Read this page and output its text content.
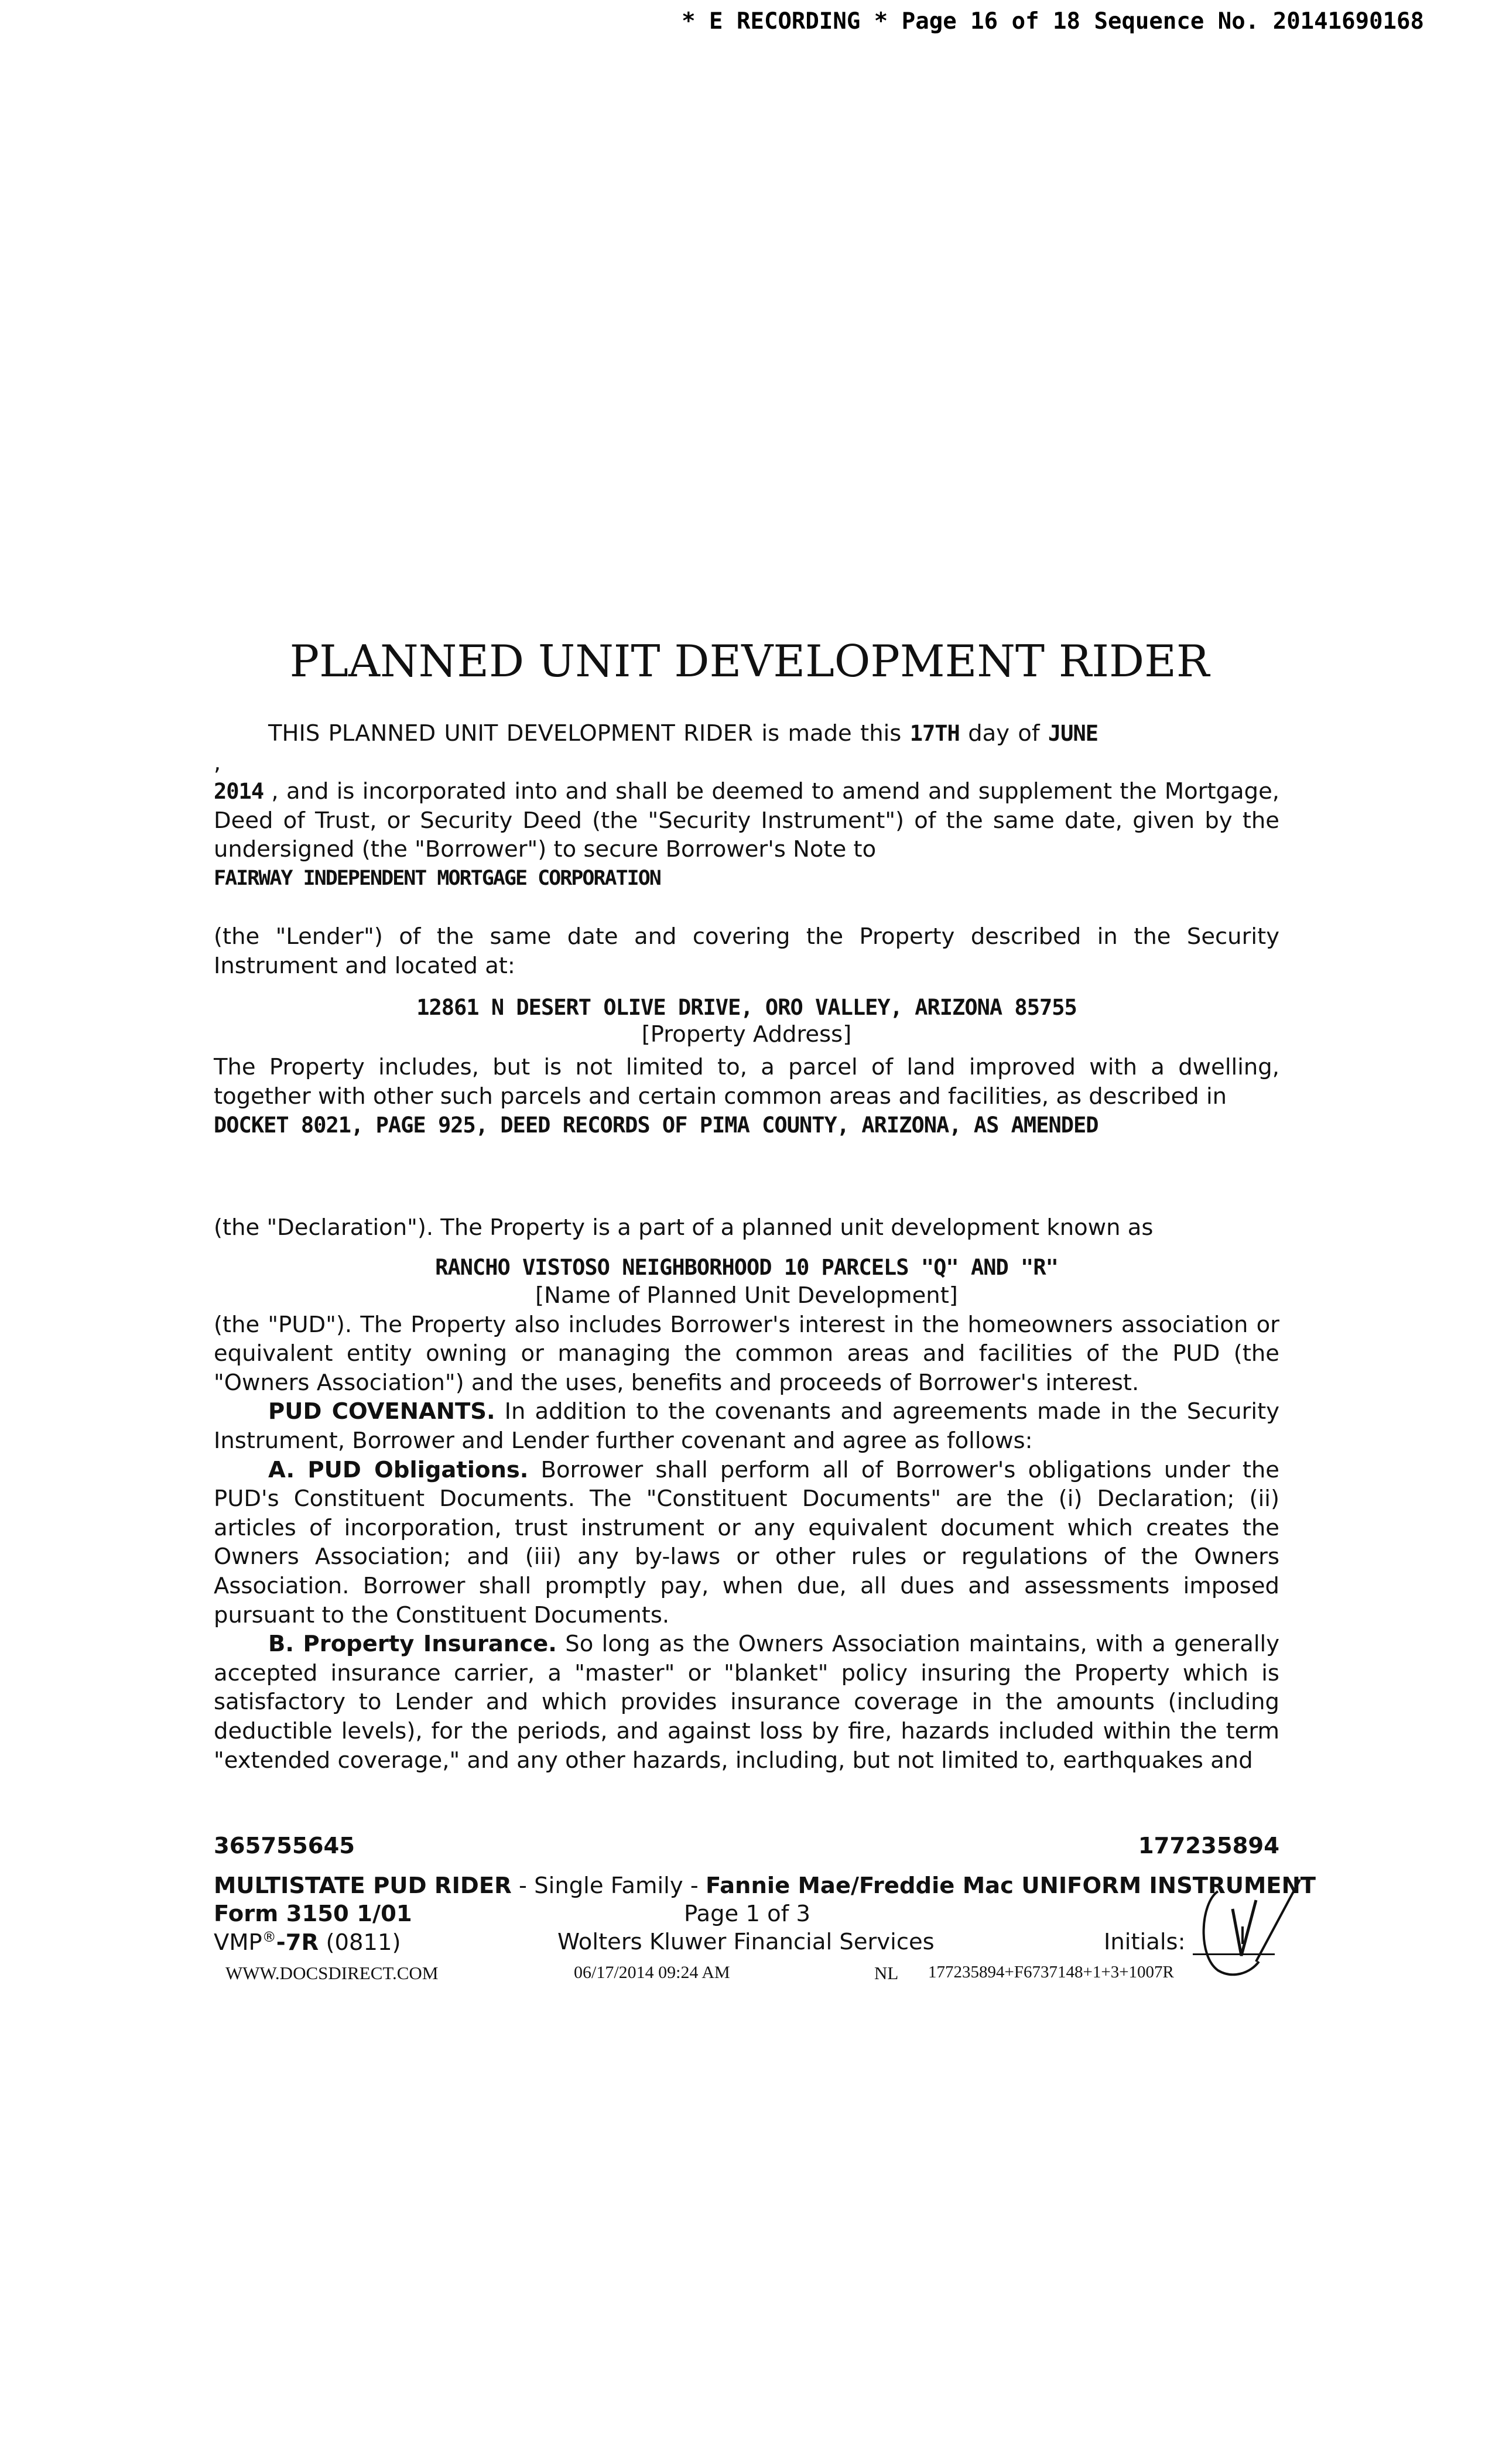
* E RECORDING * Page 16 of 18 Sequence No. 20141690168
PLANNED UNIT DEVELOPMENT RIDER

THIS PLANNED UNIT DEVELOPMENT RIDER is made this 17TH day of JUNE ,
2014 , and is incorporated into and shall be deemed to amend and supplement the Mortgage, Deed of Trust, or Security Deed (the "Security Instrument") of the same date, given by the undersigned (the "Borrower") to secure Borrower's Note to

FAIRWAY INDEPENDENT MORTGAGE CORPORATION

(the "Lender") of the same date and covering the Property described in the Security Instrument and located at:

12861 N DESERT OLIVE DRIVE, ORO VALLEY, ARIZONA 85755

[Property Address]

The Property includes, but is not limited to, a parcel of land improved with a dwelling, together with other such parcels and certain common areas and facilities, as described in
DOCKET 8021, PAGE 925, DEED RECORDS OF PIMA COUNTY, ARIZONA, AS AMENDED

(the "Declaration"). The Property is a part of a planned unit development known as

RANCHO VISTOSO NEIGHBORHOOD 10 PARCELS "Q" AND "R"

[Name of Planned Unit Development]

(the "PUD"). The Property also includes Borrower's interest in the homeowners association or equivalent entity owning or managing the common areas and facilities of the PUD (the "Owners Association") and the uses, benefits and proceeds of Borrower's interest.

PUD COVENANTS. In addition to the covenants and agreements made in the Security Instrument, Borrower and Lender further covenant and agree as follows:

A. PUD Obligations. Borrower shall perform all of Borrower's obligations under the PUD's Constituent Documents. The "Constituent Documents" are the (i) Declaration; (ii) articles of incorporation, trust instrument or any equivalent document which creates the Owners Association; and (iii) any by-laws or other rules or regulations of the Owners Association. Borrower shall promptly pay, when due, all dues and assessments imposed pursuant to the Constituent Documents.

B. Property Insurance. So long as the Owners Association maintains, with a generally accepted insurance carrier, a "master" or "blanket" policy insuring the Property which is satisfactory to Lender and which provides insurance coverage in the amounts (including deductible levels), for the periods, and against loss by fire, hazards included within the term "extended coverage," and any other hazards, including, but not limited to, earthquakes and

365755645	177235894
MULTISTATE PUD RIDER - Single Family - Fannie Mae/Freddie Mac UNIFORM INSTRUMENT
Form 3150 1/01	Page 1 of 3
VMP®-7R (0811)	Wolters Kluwer Financial Services	Initials:
WWW.DOCSDIRECT.COM	06/17/2014 09:24 AM	NL 177235894+F6737148+1+3+1007R
